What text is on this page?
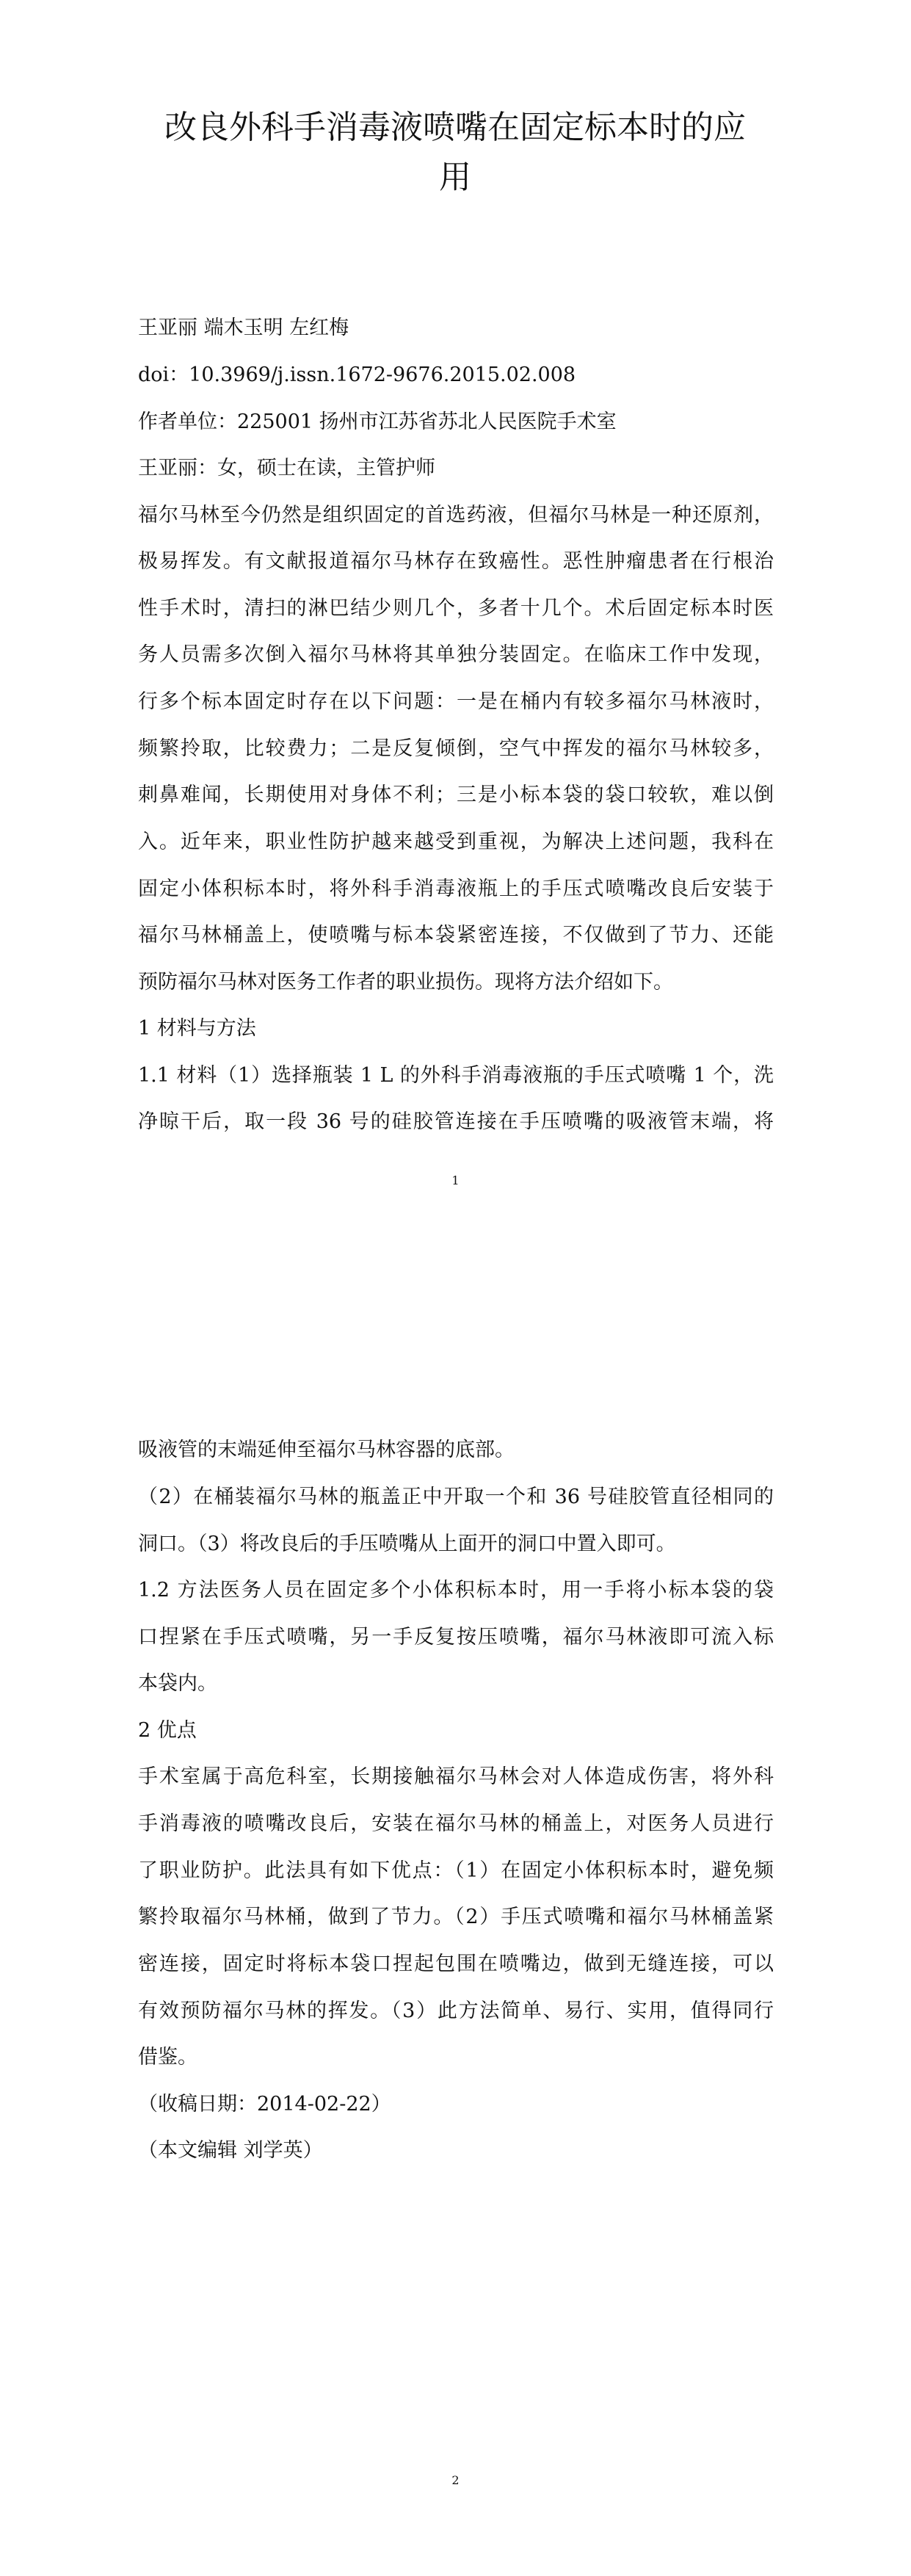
改良外科手消毒液喷嘴在固定标本时的应
用
王亚丽 端木玉明 左红梅
doi：10.3969/j.issn.1672-9676.2015.02.008
作者单位：225001 扬州市江苏省苏北人民医院手术室
王亚丽：女，硕士在读，主管护师
福尔马林至今仍然是组织固定的首选药液，但福尔马林是一种还原剂，
极易挥发。有文献报道福尔马林存在致癌性。恶性肿瘤患者在行根治
性手术时，清扫的淋巴结少则几个，多者十几个。术后固定标本时医
务人员需多次倒入福尔马林将其单独分装固定。在临床工作中发现，
行多个标本固定时存在以下问题：一是在桶内有较多福尔马林液时，
频繁拎取，比较费力；二是反复倾倒，空气中挥发的福尔马林较多，
刺鼻难闻，长期使用对身体不利；三是小标本袋的袋口较软，难以倒
入。近年来，职业性防护越来越受到重视，为解决上述问题，我科在
固定小体积标本时，将外科手消毒液瓶上的手压式喷嘴改良后安装于
福尔马林桶盖上，使喷嘴与标本袋紧密连接，不仅做到了节力、还能
预防福尔马林对医务工作者的职业损伤。现将方法介绍如下。
1 材料与方法
1.1 材料（1）选择瓶装 1 L 的外科手消毒液瓶的手压式喷嘴 1 个，洗
净晾干后，取一段 36 号的硅胶管连接在手压喷嘴的吸液管末端，将
1
吸液管的末端延伸至福尔马林容器的底部。
（2）在桶装福尔马林的瓶盖正中开取一个和 36 号硅胶管直径相同的
洞口。（3）将改良后的手压喷嘴从上面开的洞口中置入即可。
1.2 方法医务人员在固定多个小体积标本时，用一手将小标本袋的袋
口捏紧在手压式喷嘴，另一手反复按压喷嘴，福尔马林液即可流入标
本袋内。
2 优点
手术室属于高危科室，长期接触福尔马林会对人体造成伤害，将外科
手消毒液的喷嘴改良后，安装在福尔马林的桶盖上，对医务人员进行
了职业防护。此法具有如下优点：（1）在固定小体积标本时，避免频
繁拎取福尔马林桶，做到了节力。（2）手压式喷嘴和福尔马林桶盖紧
密连接，固定时将标本袋口捏起包围在喷嘴边，做到无缝连接，可以
有效预防福尔马林的挥发。（3）此方法简单、易行、实用，值得同行
借鉴。
（收稿日期：2014-02-22）
（本文编辑 刘学英）
2
